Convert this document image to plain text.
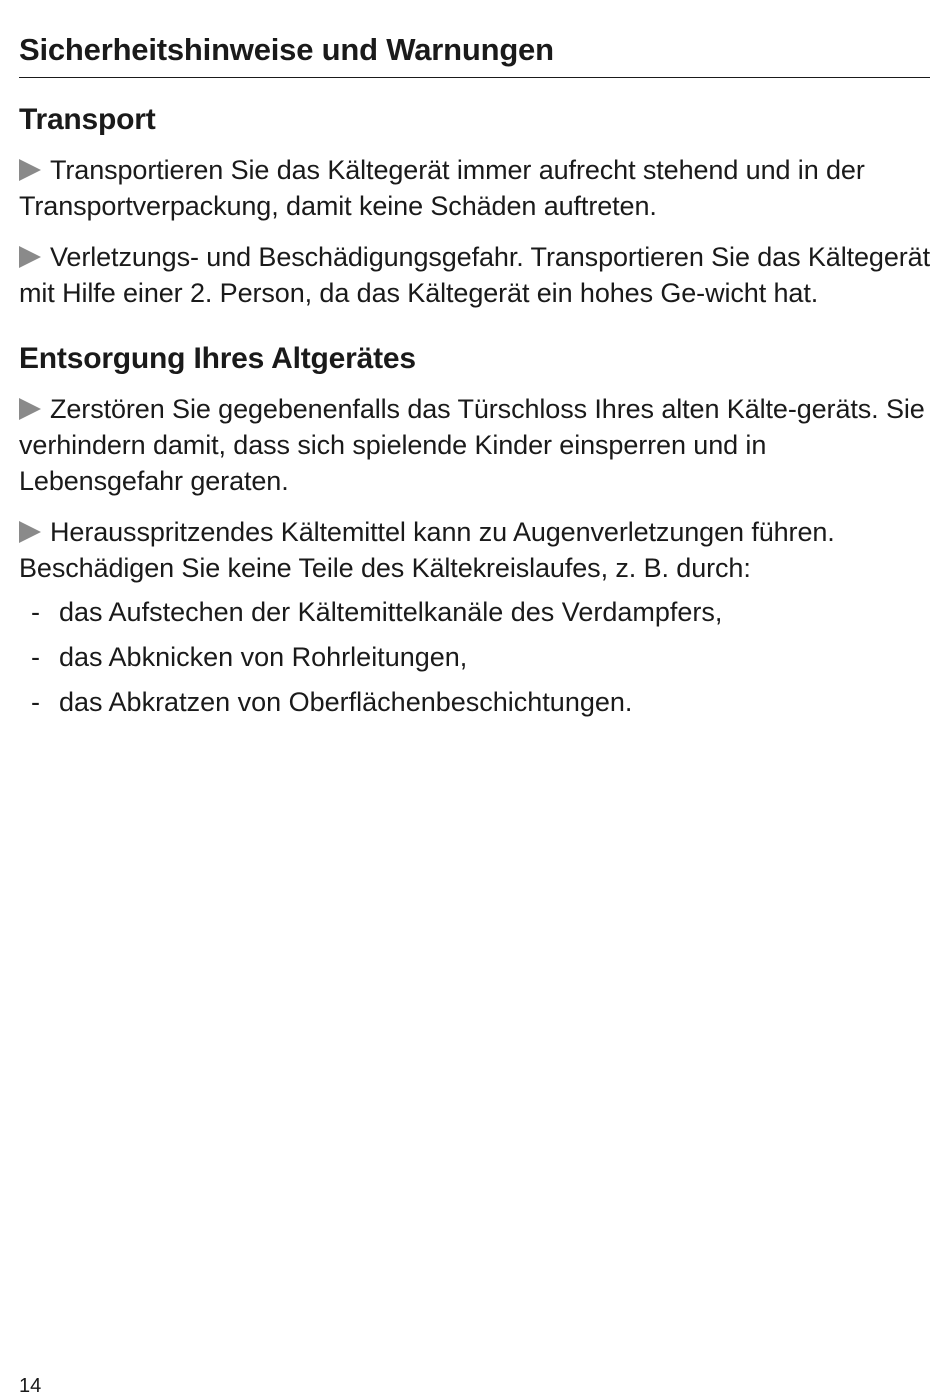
Sicherheitshinweise und Warnungen
Transport

Transportieren Sie das Kältegerät immer aufrecht stehend und in der Transportverpackung, damit keine Schäden auftreten.

Verletzungs- und Beschädigungsgefahr. Transportieren Sie das Kältegerät mit Hilfe einer 2. Person, da das Kältegerät ein hohes Ge-wicht hat.

Entsorgung Ihres Altgerätes

Zerstören Sie gegebenenfalls das Türschloss Ihres alten Kälte-geräts. Sie verhindern damit, dass sich spielende Kinder einsperren und in Lebensgefahr geraten.

Herausspritzendes Kältemittel kann zu Augenverletzungen führen. Beschädigen Sie keine Teile des Kältekreislaufes, z. B. durch:

- das Aufstechen der Kältemittelkanäle des Verdampfers,
- das Abknicken von Rohrleitungen,
- das Abkratzen von Oberflächenbeschichtungen.
14
